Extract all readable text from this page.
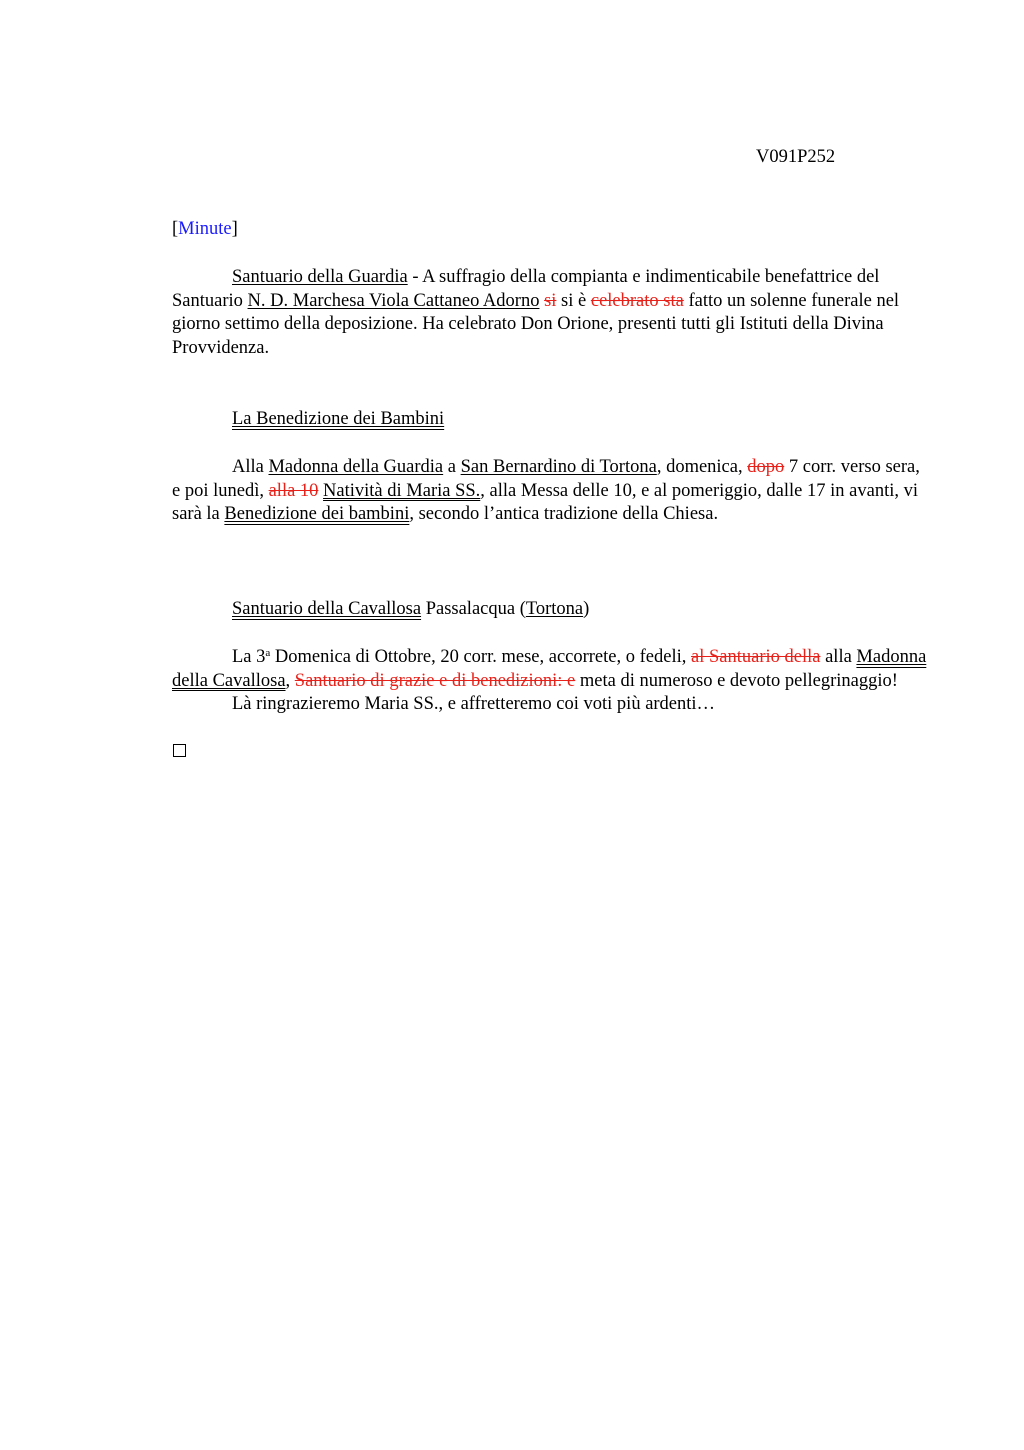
V091P252
[Minute]

Santuario della Guardia - A suffragio della compianta e indimenticabile benefattrice del Santuario N. D. Marchesa Viola Cattaneo Adorno si si è celebrato sta fatto un solenne funerale nel giorno settimo della deposizione. Ha celebrato Don Orione, presenti tutti gli Istituti della Divina Provvidenza.

La Benedizione dei Bambini

Alla Madonna della Guardia a San Bernardino di Tortona, domenica, dopo 7 corr. verso sera, e poi lunedì, alla 10 Natività di Maria SS., alla Messa delle 10, e al pomeriggio, dalle 17 in avanti, vi sarà la Benedizione dei bambini, secondo l’antica tradizione della Chiesa.

Santuario della Cavallosa Passalacqua (Tortona)

La 3$^a$ Domenica di Ottobre, 20 corr. mese, accorrete, o fedeli, al Santuario della alla Madonna della Cavallosa, Santuario di grazie e di benedizioni: e meta di numeroso e devoto pellegrinaggio!

Là ringrazieremo Maria SS., e affretteremo coi voti più ardenti…
